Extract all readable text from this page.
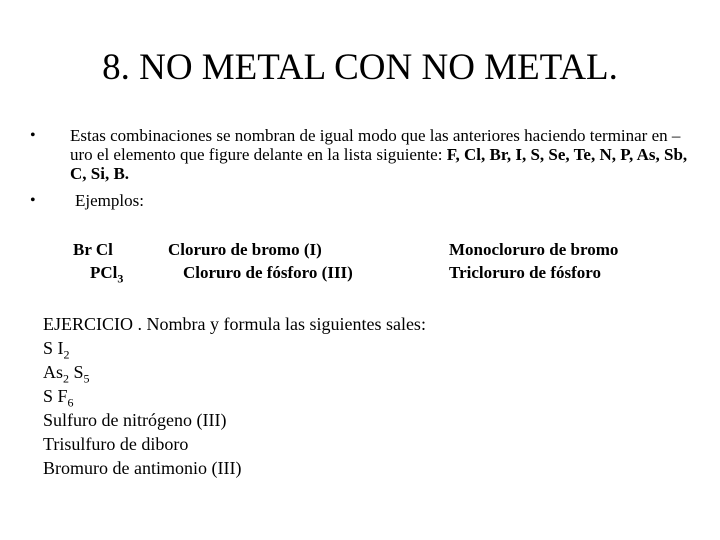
8. NO METAL CON NO METAL.
• Estas combinaciones se nombran de igual modo que las anteriores haciendo terminar en –uro el elemento que figure delante en la lista siguiente: F, Cl, Br, I, S, Se, Te, N, P, As, Sb, C, Si, B.
• Ejemplos:
Br Cl	Cloruro de bromo (I)	Monocloruro de bromo
PCl$_3$	Cloruro de fósforo (III)	Tricloruro de fósforo
EJERCICIO . Nombra y formula las siguientes sales:
S $I_2$
$As_2$ $S_5$
S $F_6$
Sulfuro de nitrógeno (III)
Trisulfuro de diboro
Bromuro de antimonio (III)
